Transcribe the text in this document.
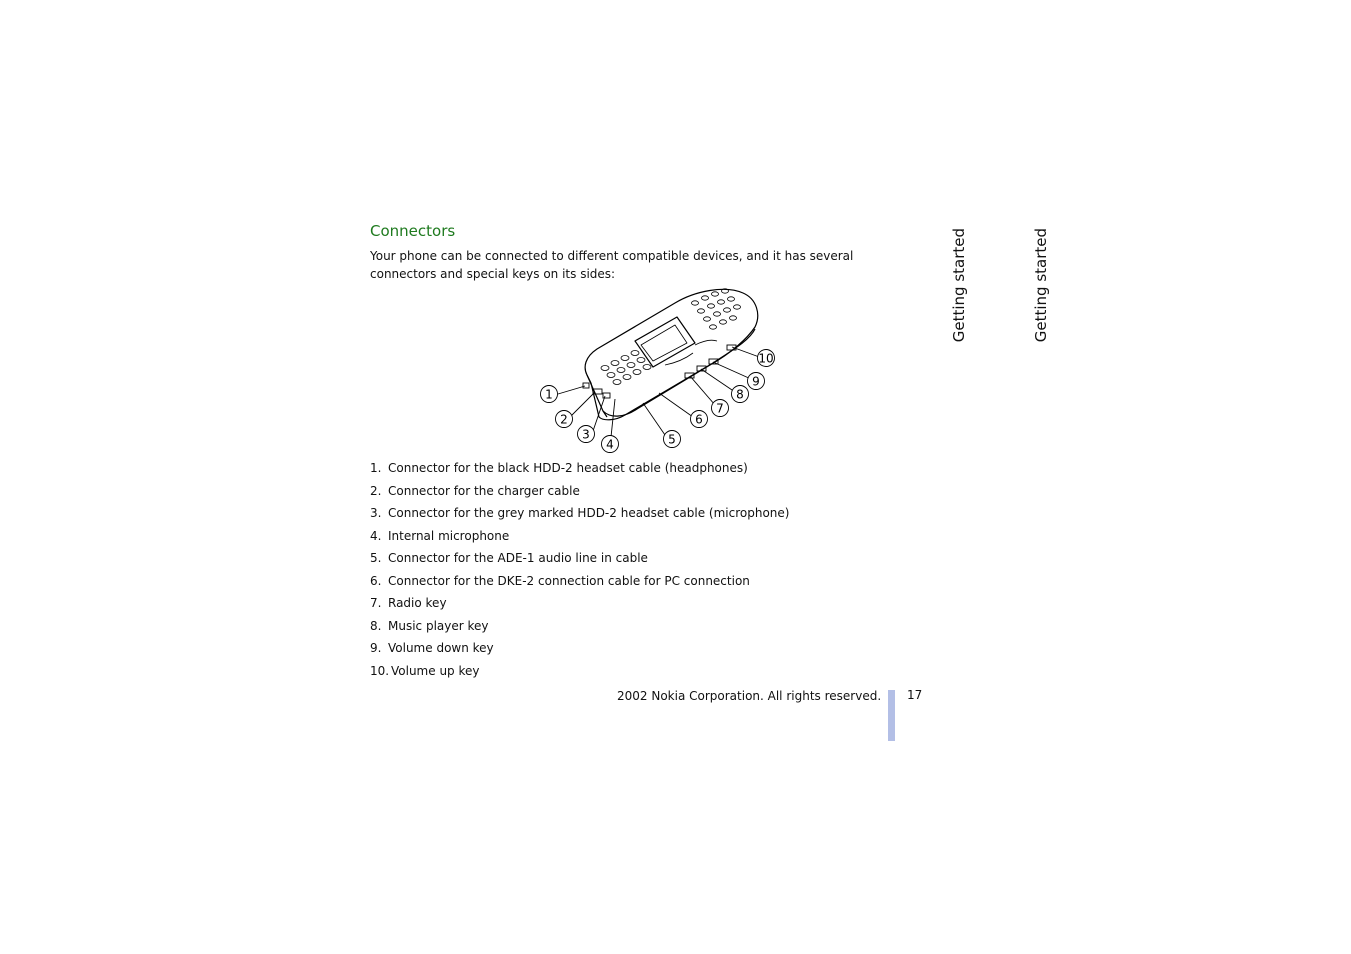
Connectors

Your phone can be connected to different compatible devices, and it has several connectors and special keys on its sides:

1
2
3
4	5
6
7
8
9
10
1. Connector for the black HDD-2 headset cable (headphones)
2. Connector for the charger cable
3. Connector for the grey marked HDD-2 headset cable (microphone)
4. Internal microphone
5. Connector for the ADE-1 audio line in cable
6. Connector for the DKE-2 connection cable for PC connection
7. Radio key
8. Music player key
9. Volume down key
10. Volume up key
2002 Nokia Corporation. All rights reserved. 17
Getting started	Getting started
